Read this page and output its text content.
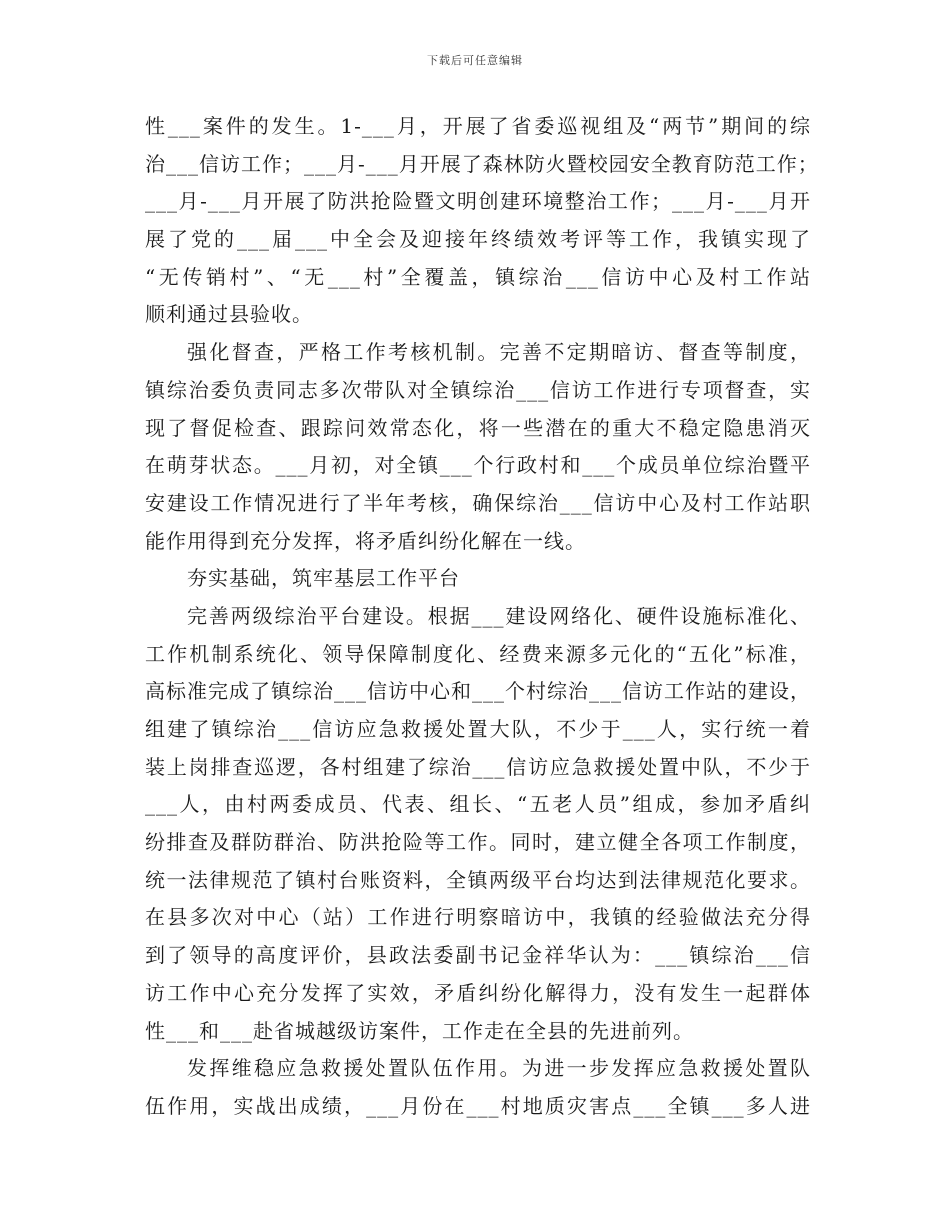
下载后可任意编辑
性___案件的发生。1-___月，开展了省委巡视组及“两节”期间的综
治___信访工作；___月-___月开展了森林防火暨校园安全教育防范工作；
___月-___月开展了防洪抢险暨文明创建环境整治工作；___月-___月开
展了党的___届___中全会及迎接年终绩效考评等工作，我镇实现了
“无传销村”、“无___村”全覆盖，镇综治___信访中心及村工作站
顺利通过县验收。
强化督查，严格工作考核机制。完善不定期暗访、督查等制度，
镇综治委负责同志多次带队对全镇综治___信访工作进行专项督查，实
现了督促检查、跟踪问效常态化，将一些潜在的重大不稳定隐患消灭
在萌芽状态。___月初，对全镇___个行政村和___个成员单位综治暨平
安建设工作情况进行了半年考核，确保综治___信访中心及村工作站职
能作用得到充分发挥，将矛盾纠纷化解在一线。
夯实基础，筑牢基层工作平台
完善两级综治平台建设。根据___建设网络化、硬件设施标准化、
工作机制系统化、领导保障制度化、经费来源多元化的“五化”标准，
高标准完成了镇综治___信访中心和___个村综治___信访工作站的建设，
组建了镇综治___信访应急救援处置大队，不少于___人，实行统一着
装上岗排查巡逻，各村组建了综治___信访应急救援处置中队，不少于
___人，由村两委成员、代表、组长、“五老人员”组成，参加矛盾纠
纷排查及群防群治、防洪抢险等工作。同时，建立健全各项工作制度，
统一法律规范了镇村台账资料，全镇两级平台均达到法律规范化要求。
在县多次对中心（站）工作进行明察暗访中，我镇的经验做法充分得
到了领导的高度评价，县政法委副书记金祥华认为：___镇综治___信
访工作中心充分发挥了实效，矛盾纠纷化解得力，没有发生一起群体
性___和___赴省城越级访案件，工作走在全县的先进前列。
发挥维稳应急救援处置队伍作用。为进一步发挥应急救援处置队
伍作用，实战出成绩，___月份在___村地质灾害点___全镇___多人进
